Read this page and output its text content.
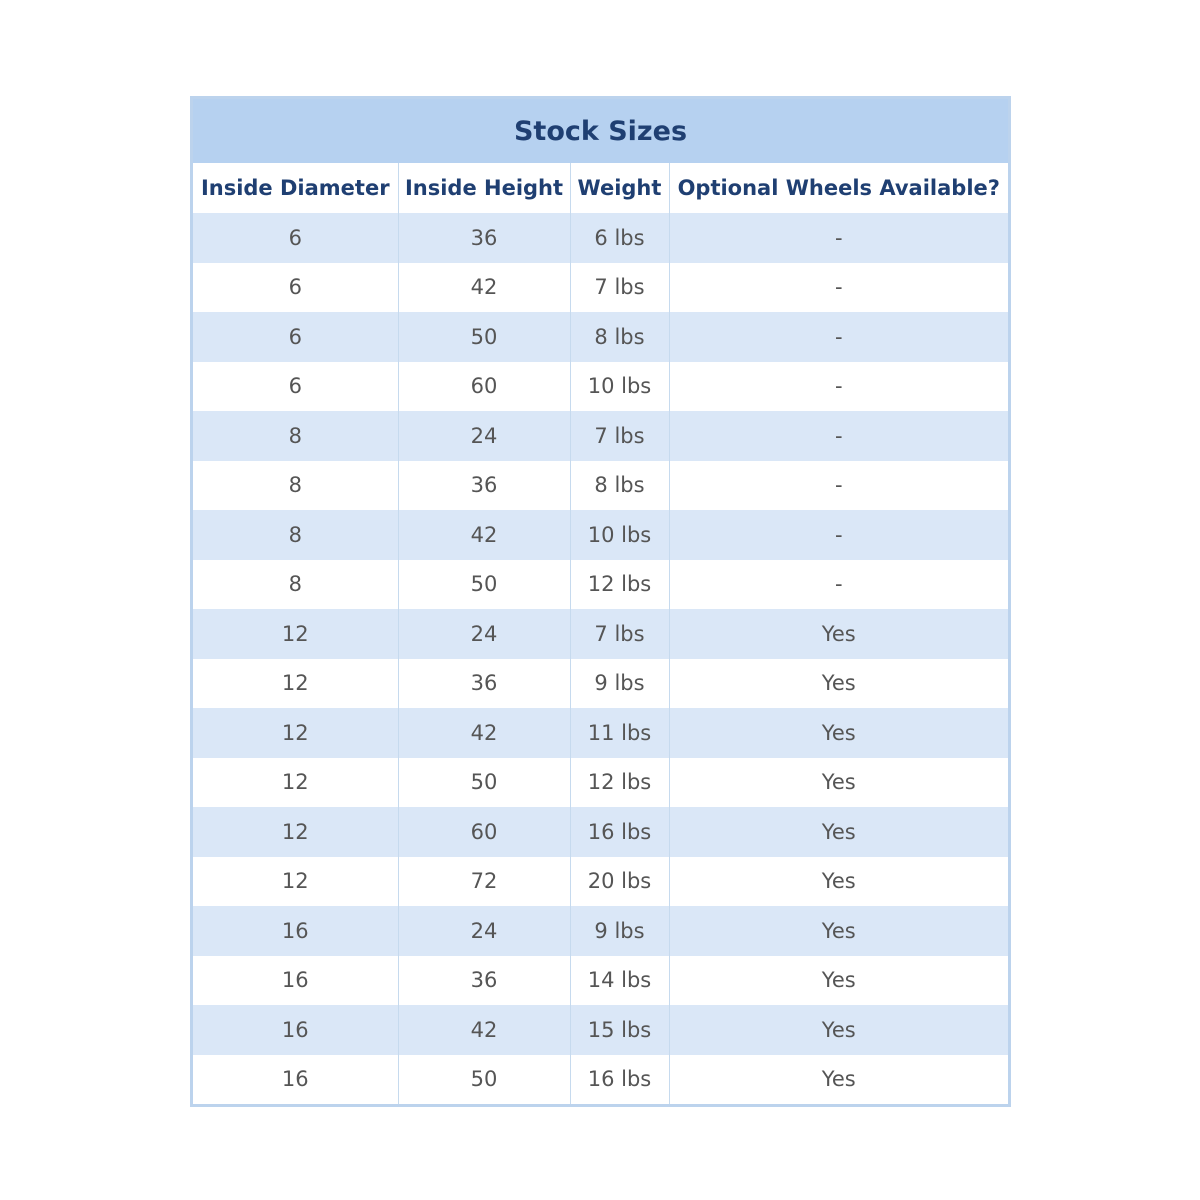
Stock Sizes
Inside Diameter	Inside Height	Weight	Optional Wheels Available?
6	36	6 lbs	-
6	42	7 lbs	-
6	50	8 lbs	-
6	60	10 lbs	-
8	24	7 lbs	-
8	36	8 lbs	-
8	42	10 lbs	-
8	50	12 lbs	-
12	24	7 lbs	Yes
12	36	9 lbs	Yes
12	42	11 lbs	Yes
12	50	12 lbs	Yes
12	60	16 lbs	Yes
12	72	20 lbs	Yes
16	24	9 lbs	Yes
16	36	14 lbs	Yes
16	42	15 lbs	Yes
16	50	16 lbs	Yes
